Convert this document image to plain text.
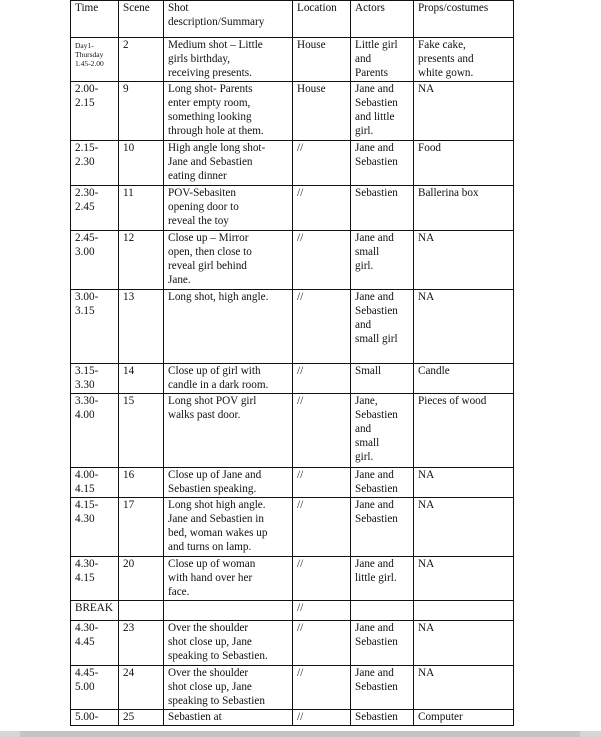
Time	Scene	Shot
description/Summary	Location	Actors	Props/costumes
Day1-
Thursday
1.45-2.00	2	Medium shot – Little
girls birthday,
receiving presents.	House	Little girl
and
Parents	Fake cake,
presents and
white gown.
2.00-
2.15	9	Long shot- Parents
enter empty room,
something looking
through hole at them.	House	Jane and
Sebastien
and little
girl.	NA
2.15-
2.30	10	High angle long shot-
Jane and Sebastien
eating dinner	//	Jane and
Sebastien	Food
2.30-
2.45	11	POV-Sebasiten
opening door to
reveal the toy	//	Sebastien	Ballerina box
2.45-
3.00	12	Close up – Mirror
open, then close to
reveal girl behind
Jane.	//	Jane and
small
girl.	NA
3.00-
3.15	13	Long shot, high angle.	//	Jane and
Sebastien
and
small girl	NA
3.15-
3.30	14	Close up of girl with
candle in a dark room.	//	Small	Candle
3.30-
4.00	15	Long shot POV girl
walks past door.	//	Jane,
Sebastien
and
small
girl.	Pieces of wood
4.00-
4.15	16	Close up of Jane and
Sebastien speaking.	//	Jane and
Sebastien	NA
4.15-
4.30	17	Long shot high angle.
Jane and Sebastien in
bed, woman wakes up
and turns on lamp.	//	Jane and
Sebastien	NA
4.30-
4.15	20	Close up of woman
with hand over her
face.	//	Jane and
little girl.	NA
BREAK			//		
4.30-
4.45	23	Over the shoulder
shot close up, Jane
speaking to Sebastien.	//	Jane and
Sebastien	NA
4.45-
5.00	24	Over the shoulder
shot close up, Jane
speaking to Sebastien	//	Jane and
Sebastien	NA
5.00-	25	Sebastien at	//	Sebastien	Computer
